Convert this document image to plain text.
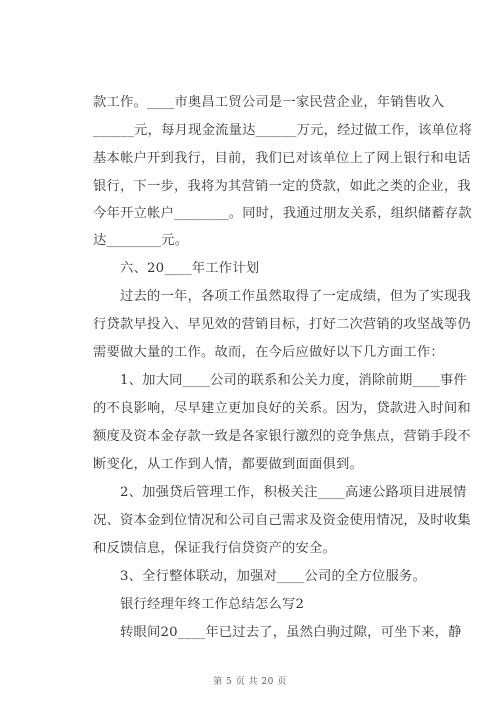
款工作。____市奥昌工贸公司是一家民营企业，年销售收入
______元，每月现金流量达______万元，经过做工作，该单位将
基本帐户开到我行，目前，我们已对该单位上了网上银行和电话
银行，下一步，我将为其营销一定的贷款，如此之类的企业，我
今年开立帐户________。同时，我通过朋友关系，组织储蓄存款
达________元。
六、20____年工作计划
过去的一年，各项工作虽然取得了一定成绩，但为了实现我
行贷款早投入、早见效的营销目标，打好二次营销的攻坚战等仍
需要做大量的工作。故而，在今后应做好以下几方面工作：
1、加大同____公司的联系和公关力度，消除前期____事件
的不良影响，尽早建立更加良好的关系。因为，贷款进入时间和
额度及资本金存款一致是各家银行激烈的竞争焦点，营销手段不
断变化，从工作到人情，都要做到面面俱到。
2、加强贷后管理工作，积极关注____高速公路项目进展情
况、资本金到位情况和公司自己需求及资金使用情况，及时收集
和反馈信息，保证我行信贷资产的安全。
3、全行整体联动，加强对____公司的全方位服务。
银行经理年终工作总结怎么写2
转眼间20____年已过去了，虽然白驹过隙，可坐下来，静
第 5 页 共 20 页
